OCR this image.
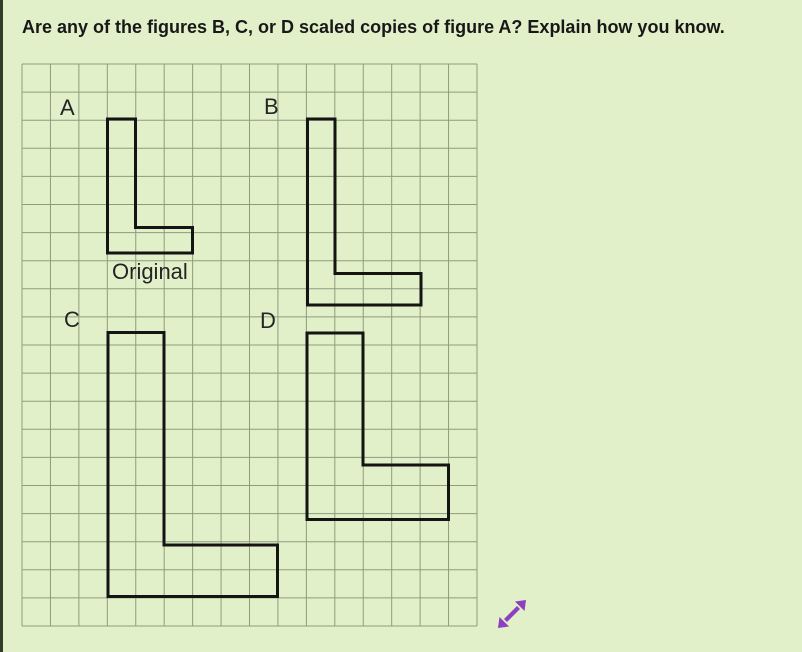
Are any of the figures B, C, or D scaled copies of figure A? Explain how you know.
A	B
C	D
Original
